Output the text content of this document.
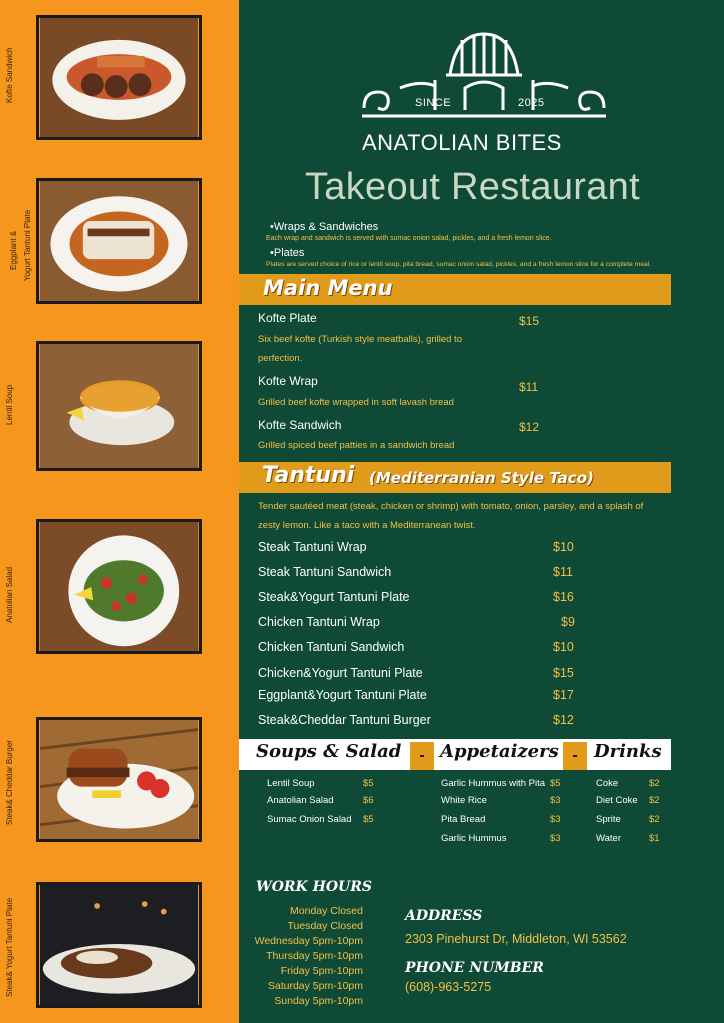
Kofte Sandwich
Eggplant & Yogurt Tantuni Plate
Lentil Soup
Anatolian Salad
Steak& Cheddar Burger
Steak& Yogurt Tantuni Plate
SINCE	2025
ANATOLIAN BITES
Takeout Restaurant
•Wraps & Sandwiches
Each wrap and sandwich is served with sumac onion salad, pickles, and a fresh lemon slice.
•Plates
Plates are served choice of rice or lentil soup, pita bread, sumac onion salad, pickles, and a fresh lemon slice for a complete meal.
Main Menu
Kofte Plate	$15
Six beef kofte (Turkish style meatballs), grilled to perfection.
Kofte Wrap	$11
Grilled beef kofte wrapped in soft lavash bread
Kofte Sandwich	$12
Grilled spiced beef patties in a sandwich bread
Tantuni (Mediterranian Style Taco)
Tender sautéed meat (steak, chicken or shrimp) with tomato, onion, parsley, and a splash of zesty lemon. Like a taco with a Mediterranean twist.
Steak Tantuni Wrap	$10
Steak Tantuni Sandwich	$11
Steak&Yogurt Tantuni Plate	$16
Chicken Tantuni Wrap	$9
Chicken Tantuni Sandwich	$10
Chicken&Yogurt Tantuni Plate	$15
Eggplant&Yogurt Tantuni Plate	$17
Steak&Cheddar Tantuni Burger	$12
Soups & Salad	- Appetaizers - Drinks
Lentil Soup	$5
Anatolian Salad	$6
Sumac Onion Salad $5
Garlic Hummus with Pita $5
White Rice	$3
Pita Bread	$3
Garlic Hummus	$3
Coke	$2
Diet Coke $2
Sprite	$2
Water	$1
WORK HOURS
Monday Closed
Tuesday Closed
Wednesday 5pm-10pm
Thursday 5pm-10pm
Friday 5pm-10pm
Saturday 5pm-10pm
Sunday 5pm-10pm
ADDRESS
2303 Pinehurst Dr, Middleton, WI 53562
PHONE NUMBER
(608)-963-5275
